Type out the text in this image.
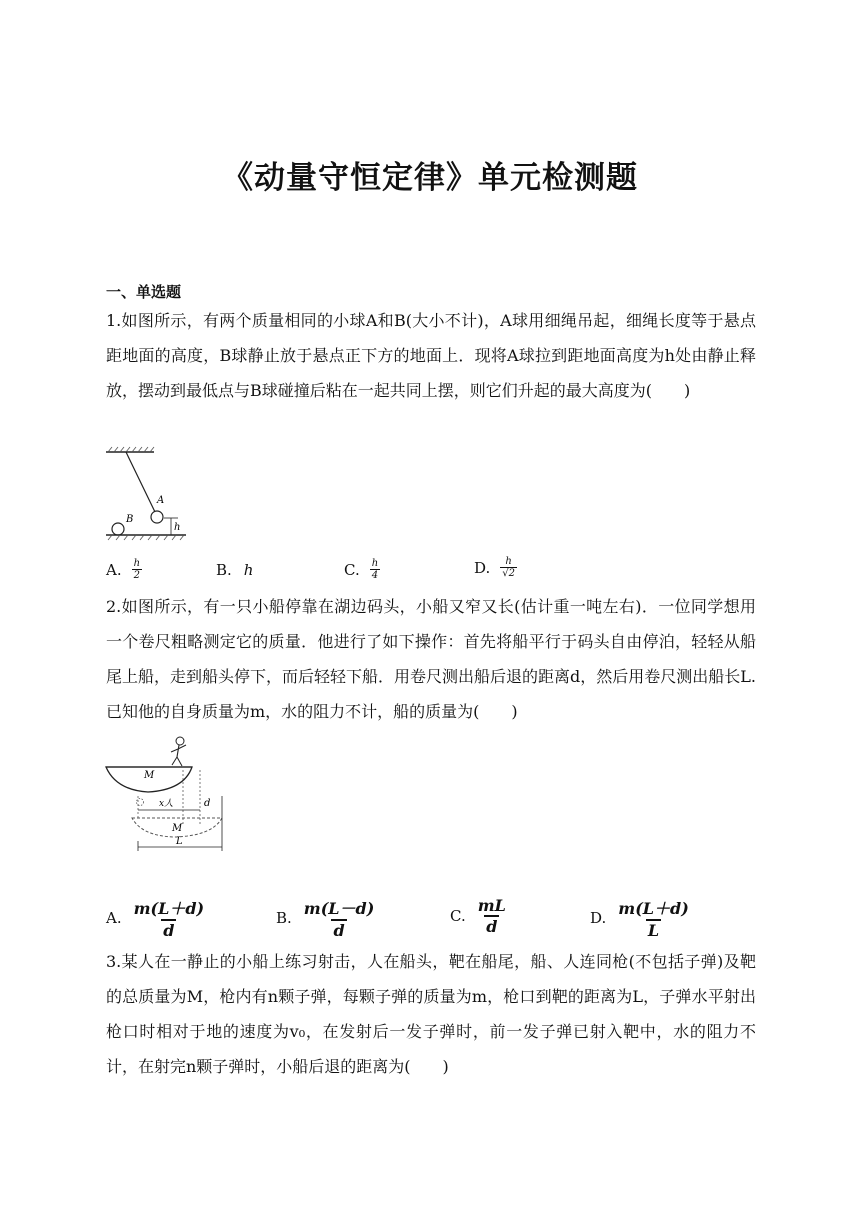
《动量守恒定律》单元检测题
一、单选题
1.如图所示，有两个质量相同的小球A和B(大小不计)，A球用细绳吊起，细绳长度等于悬点距地面的高度，B球静止放于悬点正下方的地面上．现将A球拉到距地面高度为h处由静止释放，摆动到最低点与B球碰撞后粘在一起共同上摆，则它们升起的最大高度为(　　)
A
B
h
A. $\frac{h}{2}$	B. h	C. $\frac{h}{4}$	D. $\frac{h}{√2}$
2.如图所示，有一只小船停靠在湖边码头，小船又窄又长(估计重一吨左右)．一位同学想用一个卷尺粗略测定它的质量．他进行了如下操作：首先将船平行于码头自由停泊，轻轻从船尾上船，走到船头停下，而后轻轻下船．用卷尺测出船后退的距离d，然后用卷尺测出船长L.已知他的自身质量为m，水的阻力不计，船的质量为(　　)
M
M
x人	d
L
A. $\frac{m(L+d)}{d}$	B. $\frac{m(L-d)}{d}$	C. $\frac{mL}{d}$	D. $\frac{m(L+d)}{L}$
3.某人在一静止的小船上练习射击，人在船头，靶在船尾，船、人连同枪(不包括子弹)及靶的总质量为M，枪内有n颗子弹，每颗子弹的质量为m，枪口到靶的距离为L，子弹水平射出枪口时相对于地的速度为v₀，在发射后一发子弹时，前一发子弹已射入靶中，水的阻力不计，在射完n颗子弹时，小船后退的距离为(　　)
